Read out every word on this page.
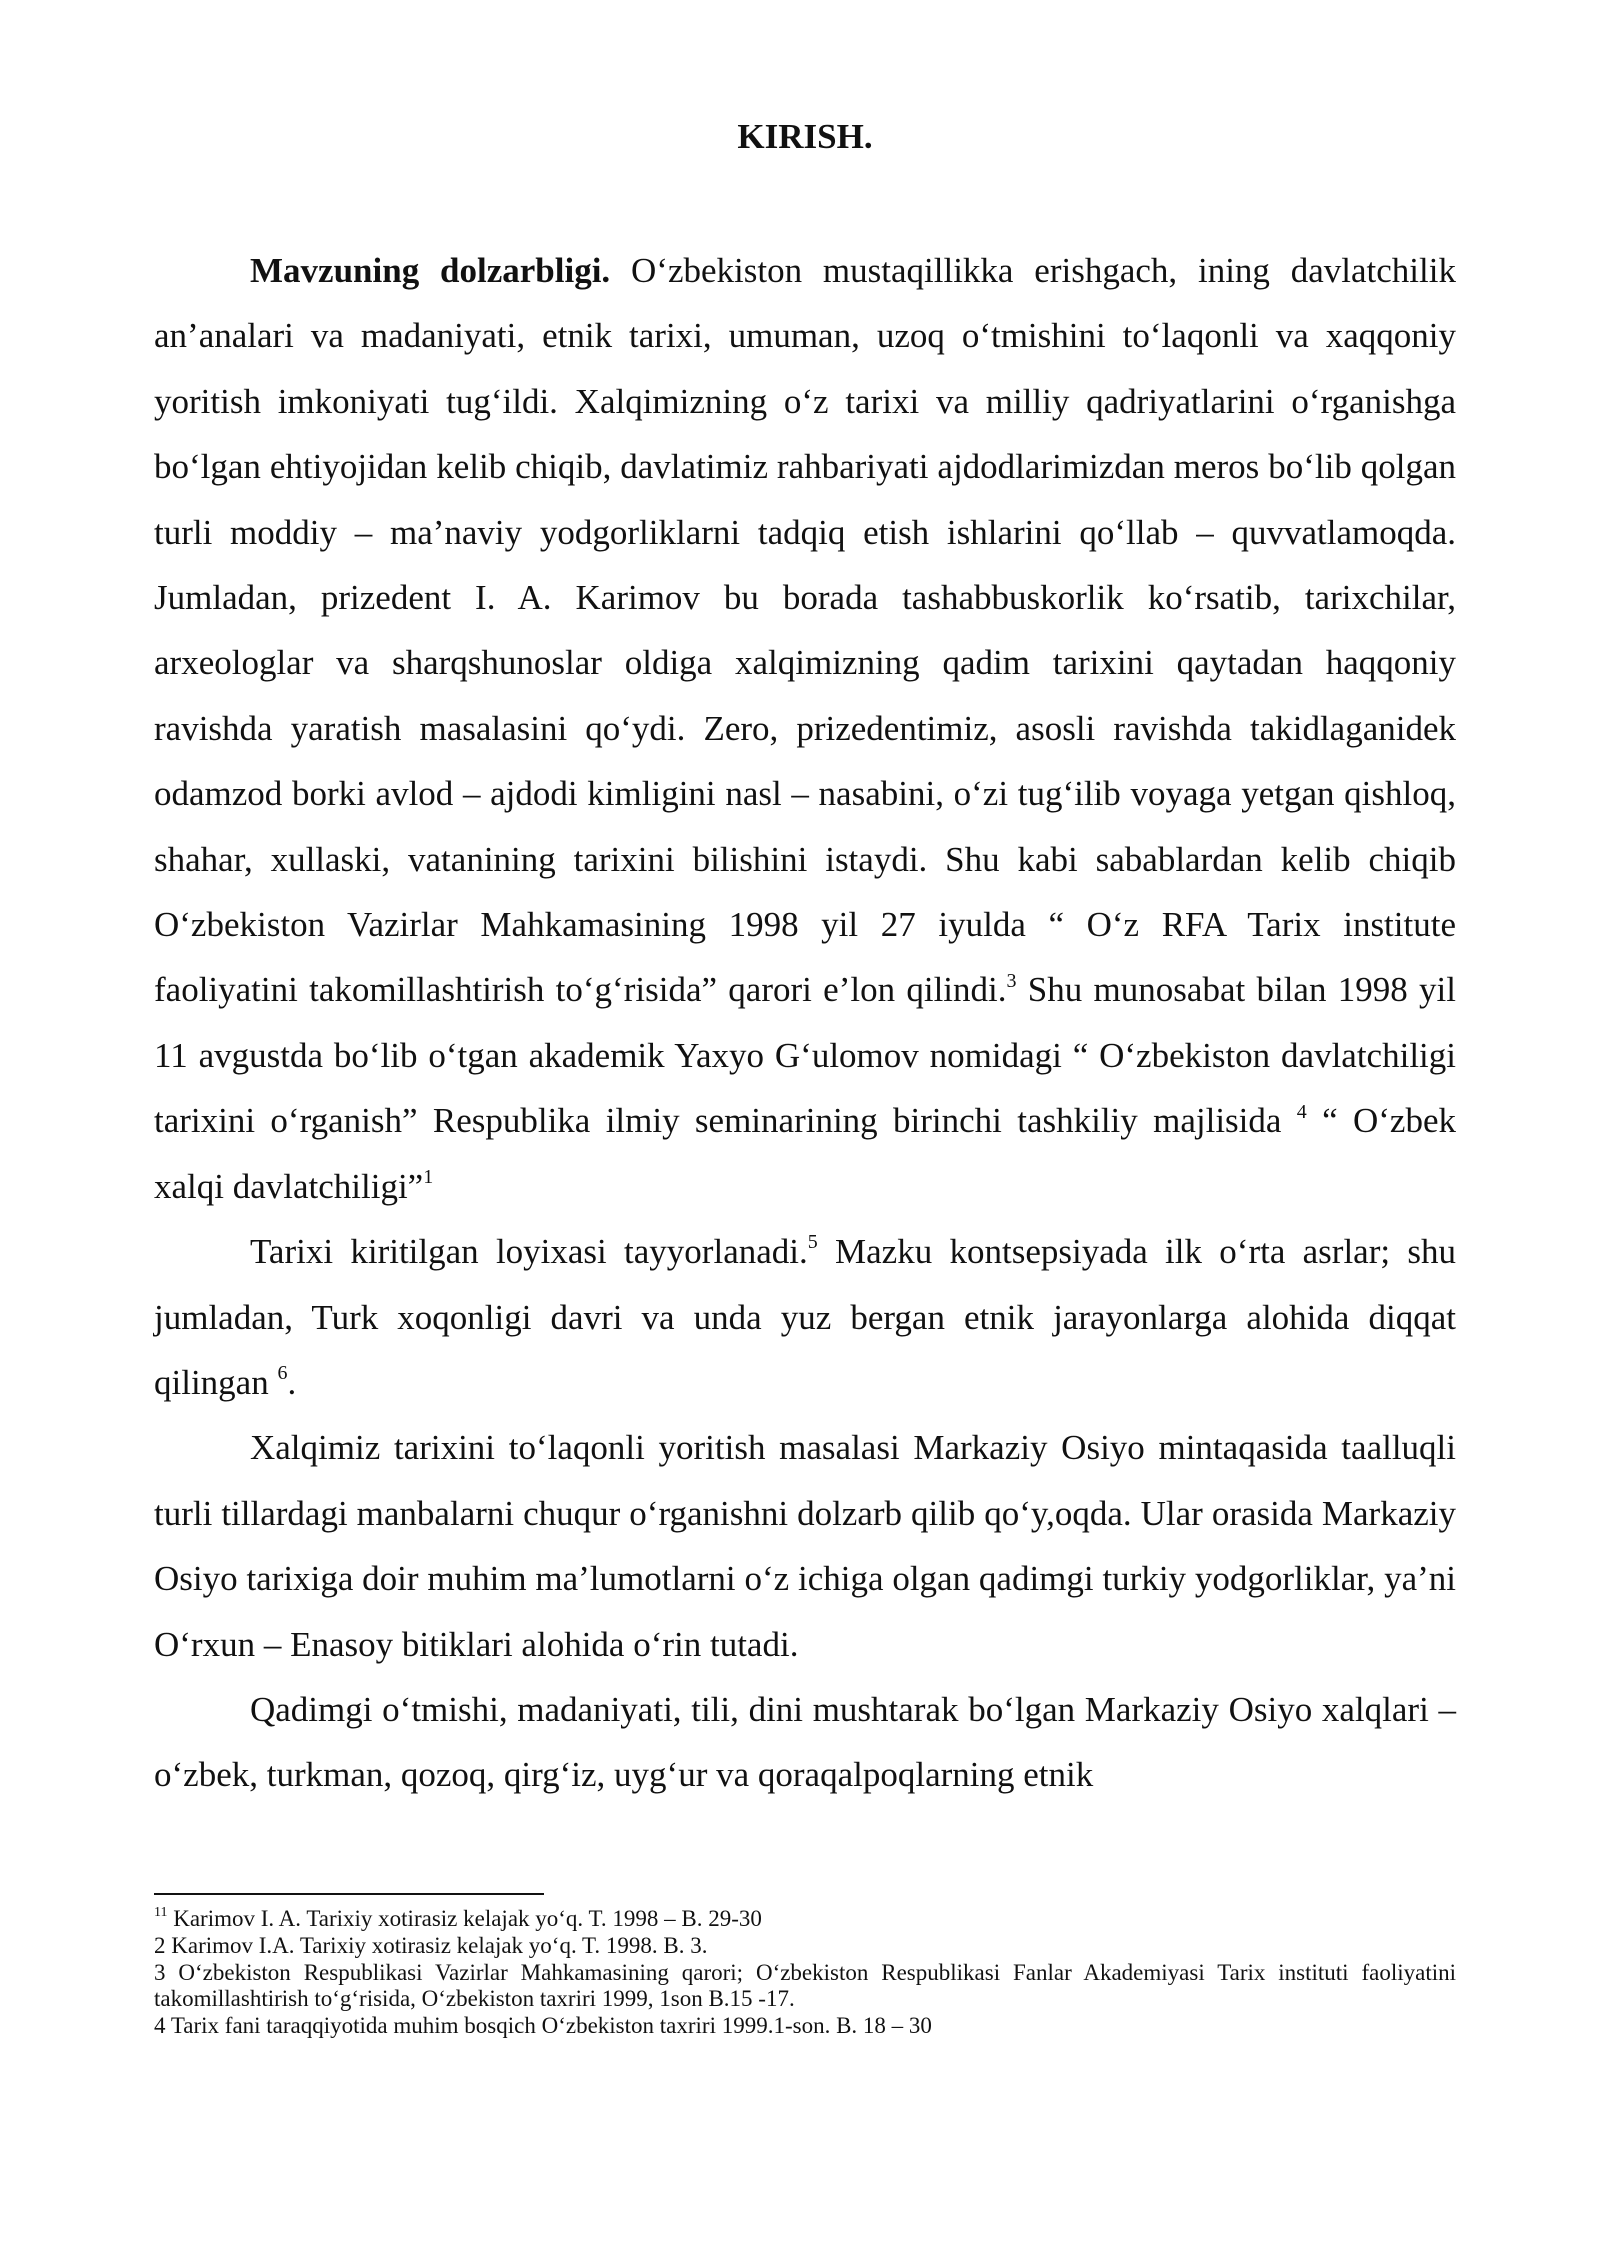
KIRISH.

Mavzuning dolzarbligi. O‘zbekiston mustaqillikka erishgach, ining davlatchilik an’analari va madaniyati, etnik tarixi, umuman, uzoq o‘tmishini to‘laqonli va xaqqoniy yoritish imkoniyati tug‘ildi. Xalqimizning o‘z tarixi va milliy qadriyatlarini o‘rganishga bo‘lgan ehtiyojidan kelib chiqib, davlatimiz rahbariyati ajdodlarimizdan meros bo‘lib qolgan turli moddiy – ma’naviy yodgorliklarni tadqiq etish ishlarini qo‘llab – quvvatlamoqda. Jumladan, prizedent I. A. Karimov bu borada tashabbuskorlik ko‘rsatib, tarixchilar, arxeologlar va sharqshunoslar oldiga xalqimizning qadim tarixini qaytadan haqqoniy ravishda yaratish masalasini qo‘ydi. Zero, prizedentimiz, asosli ravishda takidlaganidek odamzod borki avlod – ajdodi kimligini nasl – nasabini, o‘zi tug‘ilib voyaga yetgan qishloq, shahar, xullaski, vatanining tarixini bilishini istaydi. Shu kabi sabablardan kelib chiqib O‘zbekiston Vazirlar Mahkamasining 1998 yil 27 iyulda “ O‘z RFA Tarix institute faoliyatini takomillashtirish to‘g‘risida” qarori e’lon qilindi.$^3$ Shu munosabat bilan 1998 yil 11 avgustda bo‘lib o‘tgan akademik Yaxyo G‘ulomov nomidagi “ O‘zbekiston davlatchiligi tarixini o‘rganish” Respublika ilmiy seminarining birinchi tashkiliy majlisida $^4$ “ O‘zbek xalqi davlatchiligi”$^1$

Tarixi kiritilgan loyixasi tayyorlanadi.$^5$ Mazku kontsepsiyada ilk o‘rta asrlar; shu jumladan, Turk xoqonligi davri va unda yuz bergan etnik jarayonlarga alohida diqqat qilingan $^6$.

Xalqimiz tarixini to‘laqonli yoritish masalasi Markaziy Osiyo mintaqasida taalluqli turli tillardagi manbalarni chuqur o‘rganishni dolzarb qilib qo‘y,oqda. Ular orasida Markaziy Osiyo tarixiga doir muhim ma’lumotlarni o‘z ichiga olgan qadimgi turkiy yodgorliklar, ya’ni O‘rxun – Enasoy bitiklari alohida o‘rin tutadi.

Qadimgi o‘tmishi, madaniyati, tili, dini mushtarak bo‘lgan Markaziy Osiyo xalqlari – o‘zbek, turkman, qozoq, qirg‘iz, uyg‘ur va qoraqalpoqlarning etnik

$^{11}$ Karimov I. A. Tarixiy xotirasiz kelajak yo‘q. T. 1998 – B. 29-30

2 Karimov I.A. Tarixiy xotirasiz kelajak yo‘q. T. 1998. B. 3.

3 O‘zbekiston Respublikasi Vazirlar Mahkamasining qarori; O‘zbekiston Respublikasi Fanlar Akademiyasi Tarix instituti faoliyatini takomillashtirish to‘g‘risida, O‘zbekiston taxriri 1999, 1son B.15 -17.

4 Tarix fani taraqqiyotida muhim bosqich O‘zbekiston taxriri 1999.1-son. B. 18 – 30
